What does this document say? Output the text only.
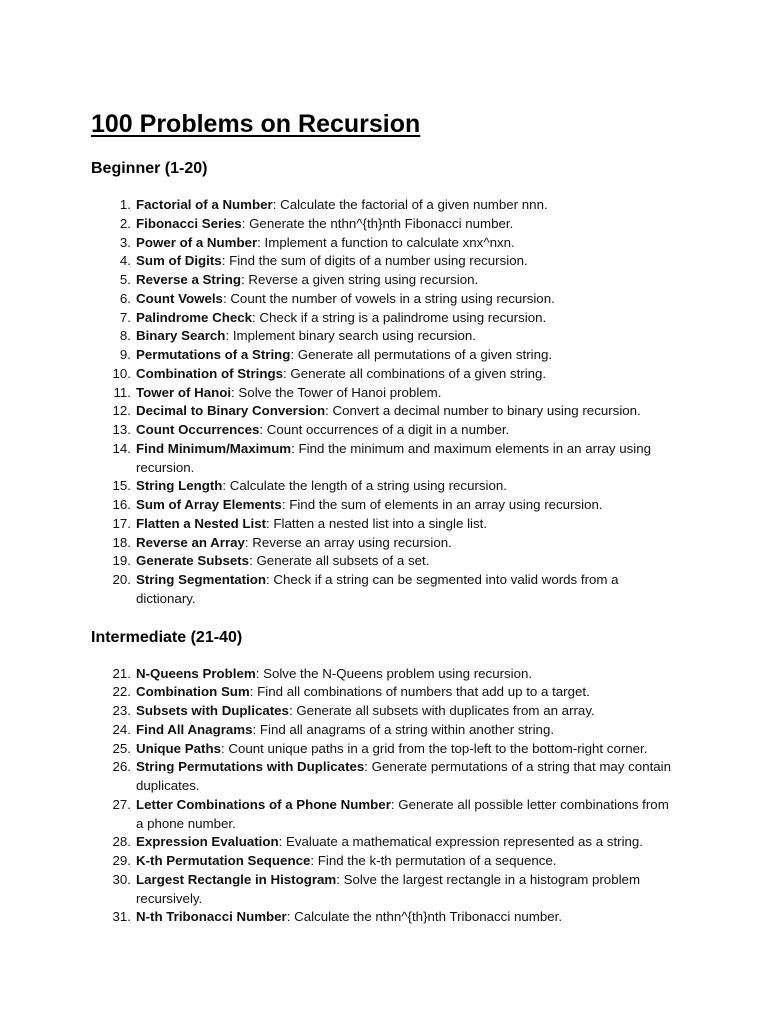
100 Problems on Recursion
Beginner (1-20)
1. Factorial of a Number: Calculate the factorial of a given number nnn.
2. Fibonacci Series: Generate the nthn^{th}nth Fibonacci number.
3. Power of a Number: Implement a function to calculate xnx^nxn.
4. Sum of Digits: Find the sum of digits of a number using recursion.
5. Reverse a String: Reverse a given string using recursion.
6. Count Vowels: Count the number of vowels in a string using recursion.
7. Palindrome Check: Check if a string is a palindrome using recursion.
8. Binary Search: Implement binary search using recursion.
9. Permutations of a String: Generate all permutations of a given string.
10. Combination of Strings: Generate all combinations of a given string.
11. Tower of Hanoi: Solve the Tower of Hanoi problem.
12. Decimal to Binary Conversion: Convert a decimal number to binary using recursion.
13. Count Occurrences: Count occurrences of a digit in a number.
14. Find Minimum/Maximum: Find the minimum and maximum elements in an array using recursion.
15. String Length: Calculate the length of a string using recursion.
16. Sum of Array Elements: Find the sum of elements in an array using recursion.
17. Flatten a Nested List: Flatten a nested list into a single list.
18. Reverse an Array: Reverse an array using recursion.
19. Generate Subsets: Generate all subsets of a set.
20. String Segmentation: Check if a string can be segmented into valid words from a dictionary.
Intermediate (21-40)
21. N-Queens Problem: Solve the N-Queens problem using recursion.
22. Combination Sum: Find all combinations of numbers that add up to a target.
23. Subsets with Duplicates: Generate all subsets with duplicates from an array.
24. Find All Anagrams: Find all anagrams of a string within another string.
25. Unique Paths: Count unique paths in a grid from the top-left to the bottom-right corner.
26. String Permutations with Duplicates: Generate permutations of a string that may contain duplicates.
27. Letter Combinations of a Phone Number: Generate all possible letter combinations from a phone number.
28. Expression Evaluation: Evaluate a mathematical expression represented as a string.
29. K-th Permutation Sequence: Find the k-th permutation of a sequence.
30. Largest Rectangle in Histogram: Solve the largest rectangle in a histogram problem recursively.
31. N-th Tribonacci Number: Calculate the nthn^{th}nth Tribonacci number.
